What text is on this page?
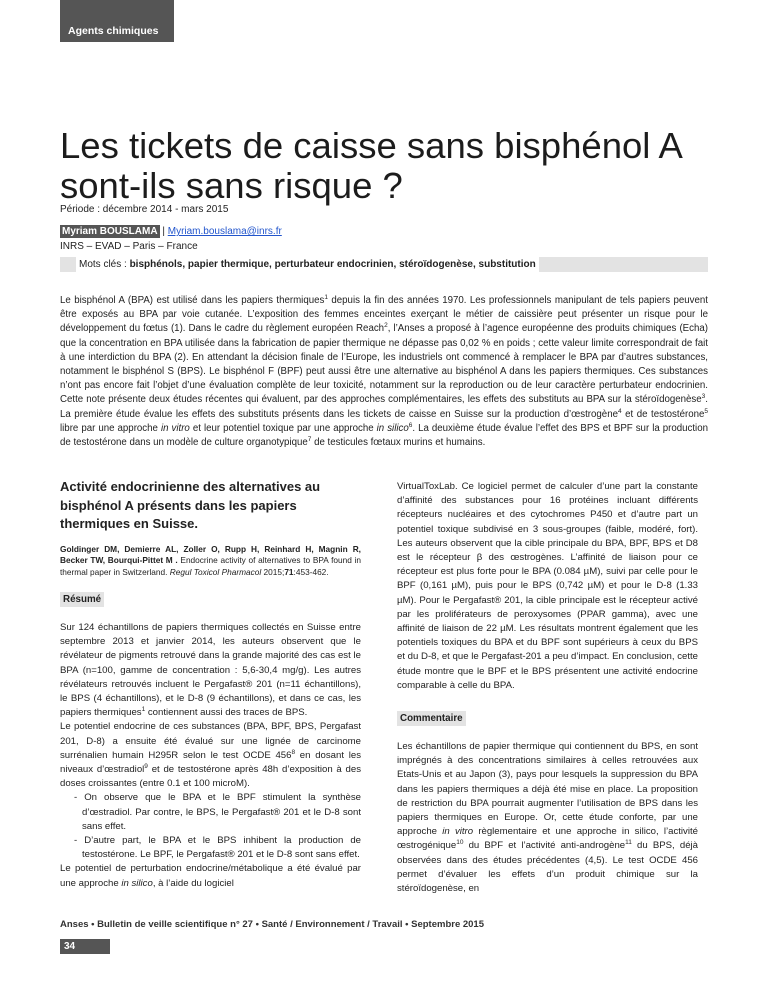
Agents chimiques
Les tickets de caisse sans bisphénol A
sont-ils sans risque ?
Période : décembre 2014 - mars 2015
Myriam BOUSLAMA | Myriam.bouslama@inrs.fr
INRS – EVAD – Paris – France
Mots clés : bisphénols, papier thermique, perturbateur endocrinien, stéroïdogenèse, substitution

Le bisphénol A (BPA) est utilisé dans les papiers thermiques$^1$ depuis la fin des années 1970. Les professionnels manipulant de tels papiers peuvent être exposés au BPA par voie cutanée. L’exposition des femmes enceintes exerçant le métier de caissière peut présenter un risque pour le développement du fœtus (1). Dans le cadre du règlement européen Reach$^2$, l’Anses a proposé à l’agence européenne des produits chimiques (Echa) que la concentration en BPA utilisée dans la fabrication de papier thermique ne dépasse pas 0,02 % en poids ; cette valeur limite correspondrait de fait à une interdiction du BPA (2). En attendant la décision finale de l’Europe, les industriels ont commencé à remplacer le BPA par d’autres substances, notamment le bisphénol S (BPS). Le bisphénol F (BPF) peut aussi être une alternative au bisphénol A dans les papiers thermiques. Ces substances n’ont pas encore fait l’objet d’une évaluation complète de leur toxicité, notamment sur la reproduction ou de leur caractère perturbateur endocrinien. Cette note présente deux études récentes qui évaluent, par des approches complémentaires, les effets des substituts au BPA sur la stéroïdogenèse$^3$. La première étude évalue les effets des substituts présents dans les tickets de caisse en Suisse sur la production d’œstrogène$^4$ et de testostérone$^5$ libre par une approche in vitro et leur potentiel toxique par une approche in silico$^6$. La deuxième étude évalue l’effet des BPS et BPF sur la production de testostérone dans un modèle de culture organotypique$^7$ de testicules fœtaux murins et humains.

Activité endocrinienne des alternatives au bisphénol A présents dans les papiers thermiques en Suisse.

Goldinger DM, Demierre AL, Zoller O, Rupp H, Reinhard H, Magnin R, Becker TW, Bourqui-Pittet M . Endocrine activity of alternatives to BPA found in thermal paper in Switzerland. Regul Toxicol Pharmacol 2015;71:453-462.

Résumé

Sur 124 échantillons de papiers thermiques collectés en Suisse entre septembre 2013 et janvier 2014, les auteurs observent que le révélateur de pigments retrouvé dans la grande majorité des cas est le BPA (n=100, gamme de concentration : 5,6-30,4 mg/g). Les autres révélateurs retrouvés incluent le Pergafast® 201 (n=11 échantillons), le BPS (4 échantillons), et le D-8 (9 échantillons), et dans ce cas, les papiers thermiques$^1$ contiennent aussi des traces de BPS.

Le potentiel endocrine de ces substances (BPA, BPF, BPS, Pergafast 201, D-8) a ensuite été évalué sur une lignée de carcinome surrénalien humain H295R selon le test OCDE $456^8$ en dosant les niveaux d’œstradiol$^9$ et de testostérone après 48h d’exposition à des doses croissantes (entre 0.1 et 100 microM).

- On observe que le BPA et le BPF stimulent la synthèse d’œstradiol. Par contre, le BPS, le Pergafast® 201 et le D-8 sont sans effet.

- D’autre part, le BPA et le BPS inhibent la production de testostérone. Le BPF, le Pergafast® 201 et le D-8 sont sans effet.

Le potentiel de perturbation endocrine/métabolique a été évalué par une approche in silico, à l’aide du logiciel

VirtualToxLab. Ce logiciel permet de calculer d’une part la constante d’affinité des substances pour 16 protéines incluant différents récepteurs nucléaires et des cytochromes P450 et d’autre part un potentiel toxique subdivisé en 3 sous-groupes (faible, modéré, fort). Les auteurs observent que la cible principale du BPA, BPF, BPS et D8 est le récepteur β des œstrogènes. L’affinité de liaison pour ce récepteur est plus forte pour le BPA (0.084 µM), suivi par celle pour le BPF (0,161 µM), puis pour le BPS (0,742 µM) et pour le D-8 (1.33 µM). Pour le Pergafast® 201, la cible principale est le récepteur activé par les proliférateurs de peroxysomes (PPAR gamma), avec une affinité de liaison de 22 µM. Les résultats montrent également que les potentiels toxiques du BPA et du BPF sont supérieurs à ceux du BPS et du D-8, et que le Pergafast-201 a peu d’impact. En conclusion, cette étude montre que le BPF et le BPS présentent une activité endocrine comparable à celle du BPA.

Commentaire

Les échantillons de papier thermique qui contiennent du BPS, en sont imprégnés à des concentrations similaires à celles retrouvées aux Etats-Unis et au Japon (3), pays pour lesquels la suppression du BPA dans les papiers thermiques a déjà été mise en place. La proposition de restriction du BPA pourrait augmenter l’utilisation de BPS dans les papiers thermiques en Europe. Or, cette étude conforte, par une approche in vitro règlementaire et une approche in silico, l’activité œstrogénique$^{10}$ du BPF et l’activité anti-androgène$^{11}$ du BPS, déjà observées dans des études précédentes (4,5). Le test OCDE 456 permet d’évaluer les effets d’un produit chimique sur la stéroïdogenèse, en

Anses • Bulletin de veille scientifique n° 27 • Santé / Environnement / Travail • Septembre 2015
34
